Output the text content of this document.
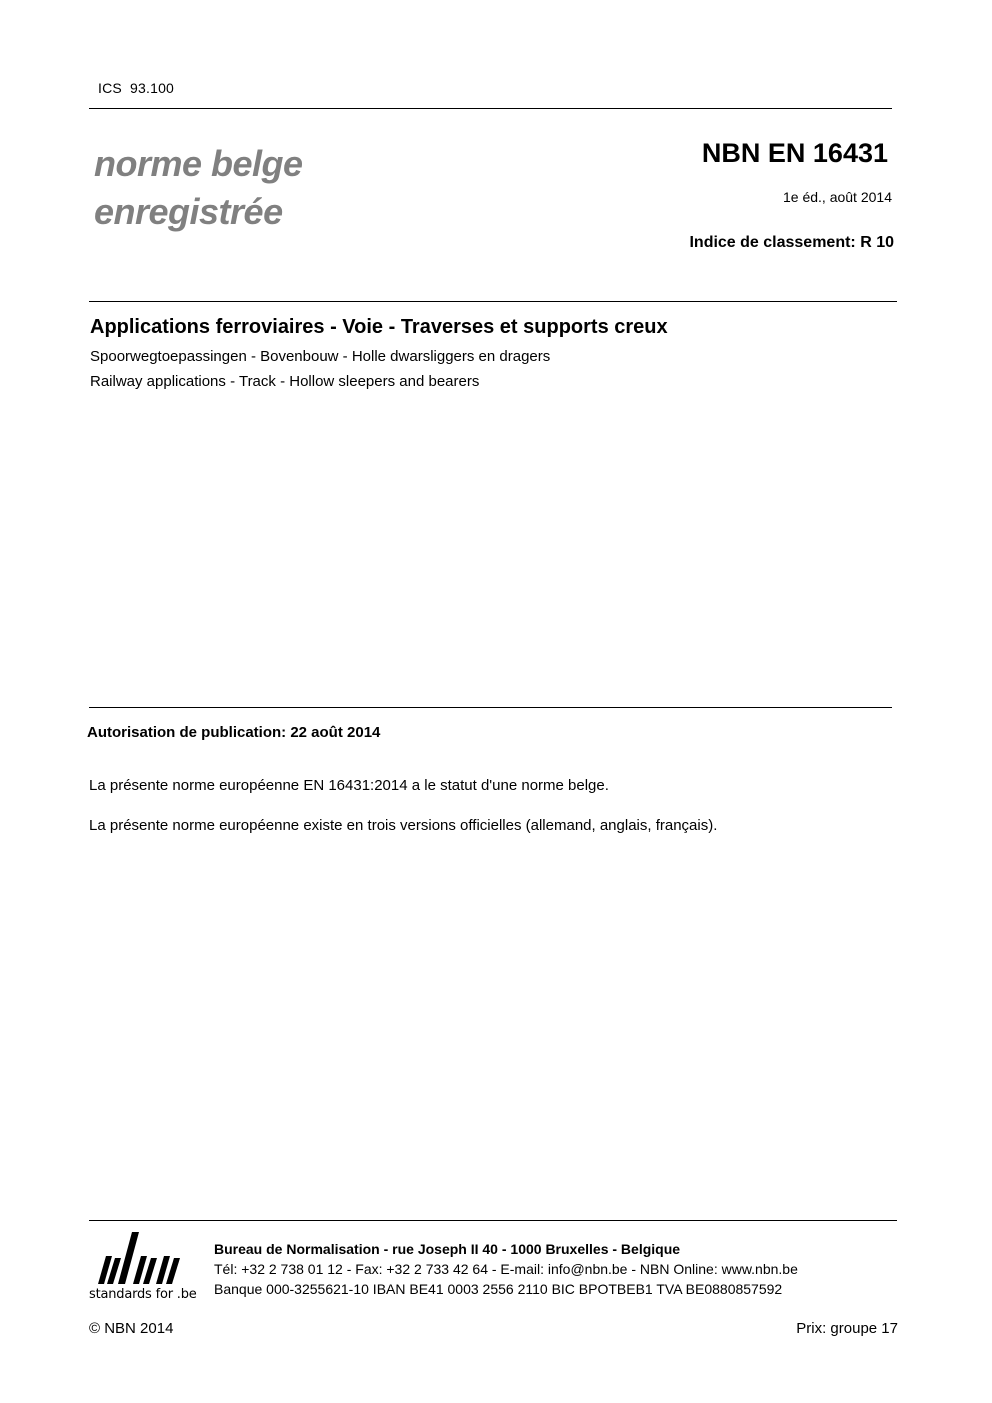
ICS 93.100
norme belge
enregistrée
NBN EN 16431
1e éd., août 2014
Indice de classement: R 10
Applications ferroviaires - Voie - Traverses et supports creux
Spoorwegtoepassingen - Bovenbouw - Holle dwarsliggers en dragers
Railway applications - Track - Hollow sleepers and bearers
Autorisation de publication: 22 août 2014
La présente norme européenne EN 16431:2014 a le statut d'une norme belge.
La présente norme européenne existe en trois versions officielles (allemand, anglais, français).
standards for .be
Bureau de Normalisation - rue Joseph II 40 - 1000 Bruxelles - Belgique
Tél: +32 2 738 01 12 - Fax: +32 2 733 42 64 - E-mail: info@nbn.be - NBN Online: www.nbn.be
Banque 000-3255621-10 IBAN BE41 0003 2556 2110 BIC BPOTBEB1 TVA BE0880857592
© NBN 2014	Prix: groupe 17
